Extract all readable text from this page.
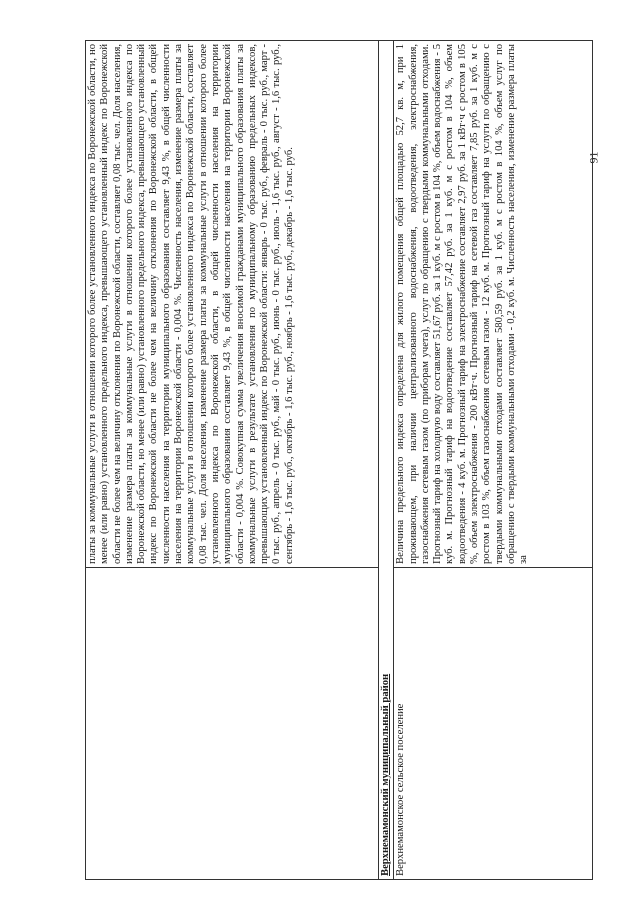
91

	платы за коммунальные услуги в отношении которого более установленного индекса по Воронежской области, но менее (или равно) установленного предельного индекса, превышающего установленный индекс по Воронежской области не более чем на величину отклонения по Воронежской области, составляет 0,08 тыс. чел. Доля населения, изменение размера платы за коммунальные услуги в отношении которого более установленного индекса по Воронежской области, но менее (или равно) установленного предельного индекса, превышающего установленный индекс по Воронежской области не более чем на величину отклонения по Воронежской области, в общей численности населения на территории муниципального образования составляет 9,43 %, в общей численности населения на территории Воронежской области - 0,004 %. Численность населения, изменение размера платы за коммунальные услуги в отношении которого более установленного индекса по Воронежской области, составляет 0,08 тыс. чел. Доля населения, изменение размера платы за коммунальные услуги в отношении которого более установленного индекса по Воронежской области, в общей численности населения на территории муниципального образования составляет 9,43 %, в общей численности населения на территории Воронежской области - 0,004 %. Совокупная сумма увеличения вносимой гражданами муниципального образования платы за коммунальные услуги в результате установления по муниципальному образованию предельных индексов, превышающих установленный индекс по Воронежской области: январь - 0 тыс. руб., февраль - 0 тыс. руб., март - 0 тыс. руб., апрель - 0 тыс. руб., май - 0 тыс. руб., июнь - 0 тыс. руб., июль - 1,6 тыс. руб., август - 1,6 тыс. руб., сентябрь - 1,6 тыс. руб., октябрь - 1,6 тыс. руб., ноябрь - 1,6 тыс. руб., декабрь - 1,6 тыс. руб.

Верхнемамонский муниципальный район	
Верхнемамонское сельское поселение	Величина предельного индекса определена для жилого помещения общей площадью 52,7 кв. м, при 1 проживающем, при наличии централизованного водоснабжения, водоотведения, электроснабжения, газоснабжения сетевым газом (по приборам учета), услуг по обращению с твердыми коммунальными отходами. Прогнозный тариф на холодную воду составляет 51,67 руб. за 1 куб. м с ростом в 104 %, объем водоснабжения - 5 куб. м. Прогнозный тариф на водоотведение составляет 57,42 руб. за 1 куб. м с ростом в 104 %, объем водоотведения - 4 куб. м. Прогнозный тариф на электроснабжение составляет 2,97 руб. за 1 кВт·ч с ростом в 105 %, объем электроснабжения - 200 кВт·ч. Прогнозный тариф на сетевой газ составляет 7,85 руб. за 1 куб. м с ростом в 103 %, объем газоснабжения сетевым газом - 12 куб. м. Прогнозный тариф на услуги по обращению с твердыми коммунальными отходами составляет 580,59 руб. за 1 куб. м с ростом в 104 %, объем услуг по обращению с твердыми коммунальными отходами - 0,2 куб. м. Численность населения, изменение размера платы за
